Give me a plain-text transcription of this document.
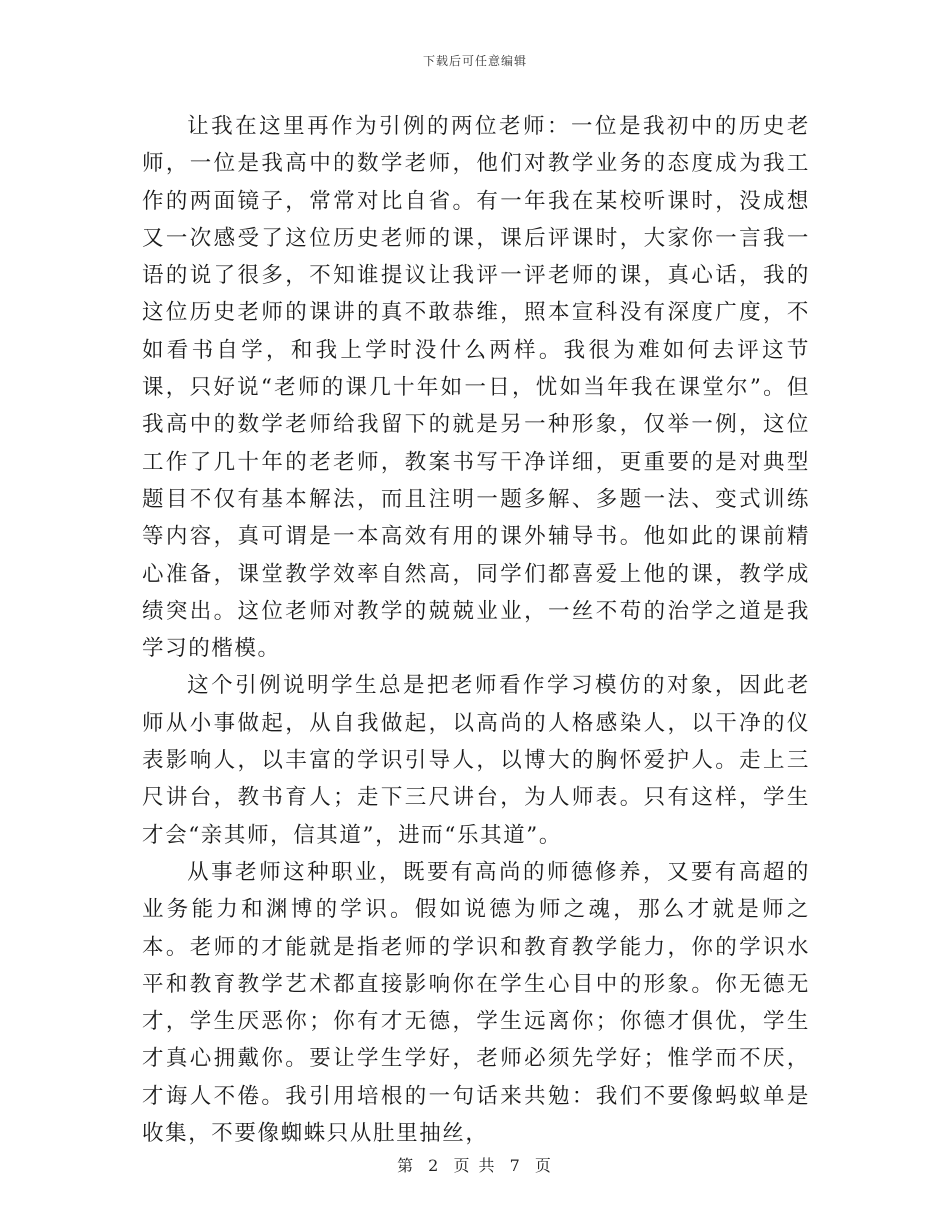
下载后可任意编辑

让我在这里再作为引例的两位老师：一位是我初中的历史老师，一位是我高中的数学老师，他们对教学业务的态度成为我工作的两面镜子，常常对比自省。有一年我在某校听课时，没成想又一次感受了这位历史老师的课，课后评课时，大家你一言我一语的说了很多，不知谁提议让我评一评老师的课，真心话，我的这位历史老师的课讲的真不敢恭维，照本宣科没有深度广度，不如看书自学，和我上学时没什么两样。我很为难如何去评这节课，只好说“老师的课几十年如一日，忧如当年我在课堂尔”。但我高中的数学老师给我留下的就是另一种形象，仅举一例，这位工作了几十年的老老师，教案书写干净详细，更重要的是对典型题目不仅有基本解法，而且注明一题多解、多题一法、变式训练等内容，真可谓是一本高效有用的课外辅导书。他如此的课前精心准备，课堂教学效率自然高，同学们都喜爱上他的课，教学成绩突出。这位老师对教学的兢兢业业，一丝不苟的治学之道是我学习的楷模。

这个引例说明学生总是把老师看作学习模仿的对象，因此老师从小事做起，从自我做起，以高尚的人格感染人，以干净的仪表影响人，以丰富的学识引导人，以博大的胸怀爱护人。走上三尺讲台，教书育人；走下三尺讲台，为人师表。只有这样，学生才会“亲其师，信其道”，进而“乐其道”。

从事老师这种职业，既要有高尚的师德修养，又要有高超的业务能力和渊博的学识。假如说德为师之魂，那么才就是师之本。老师的才能就是指老师的学识和教育教学能力，你的学识水平和教育教学艺术都直接影响你在学生心目中的形象。你无德无才，学生厌恶你；你有才无德，学生远离你；你德才俱优，学生才真心拥戴你。要让学生学好，老师必须先学好；惟学而不厌，才诲人不倦。我引用培根的一句话来共勉：我们不要像蚂蚁单是收集，不要像蜘蛛只从肚里抽丝，

第 2 页 共 7 页
